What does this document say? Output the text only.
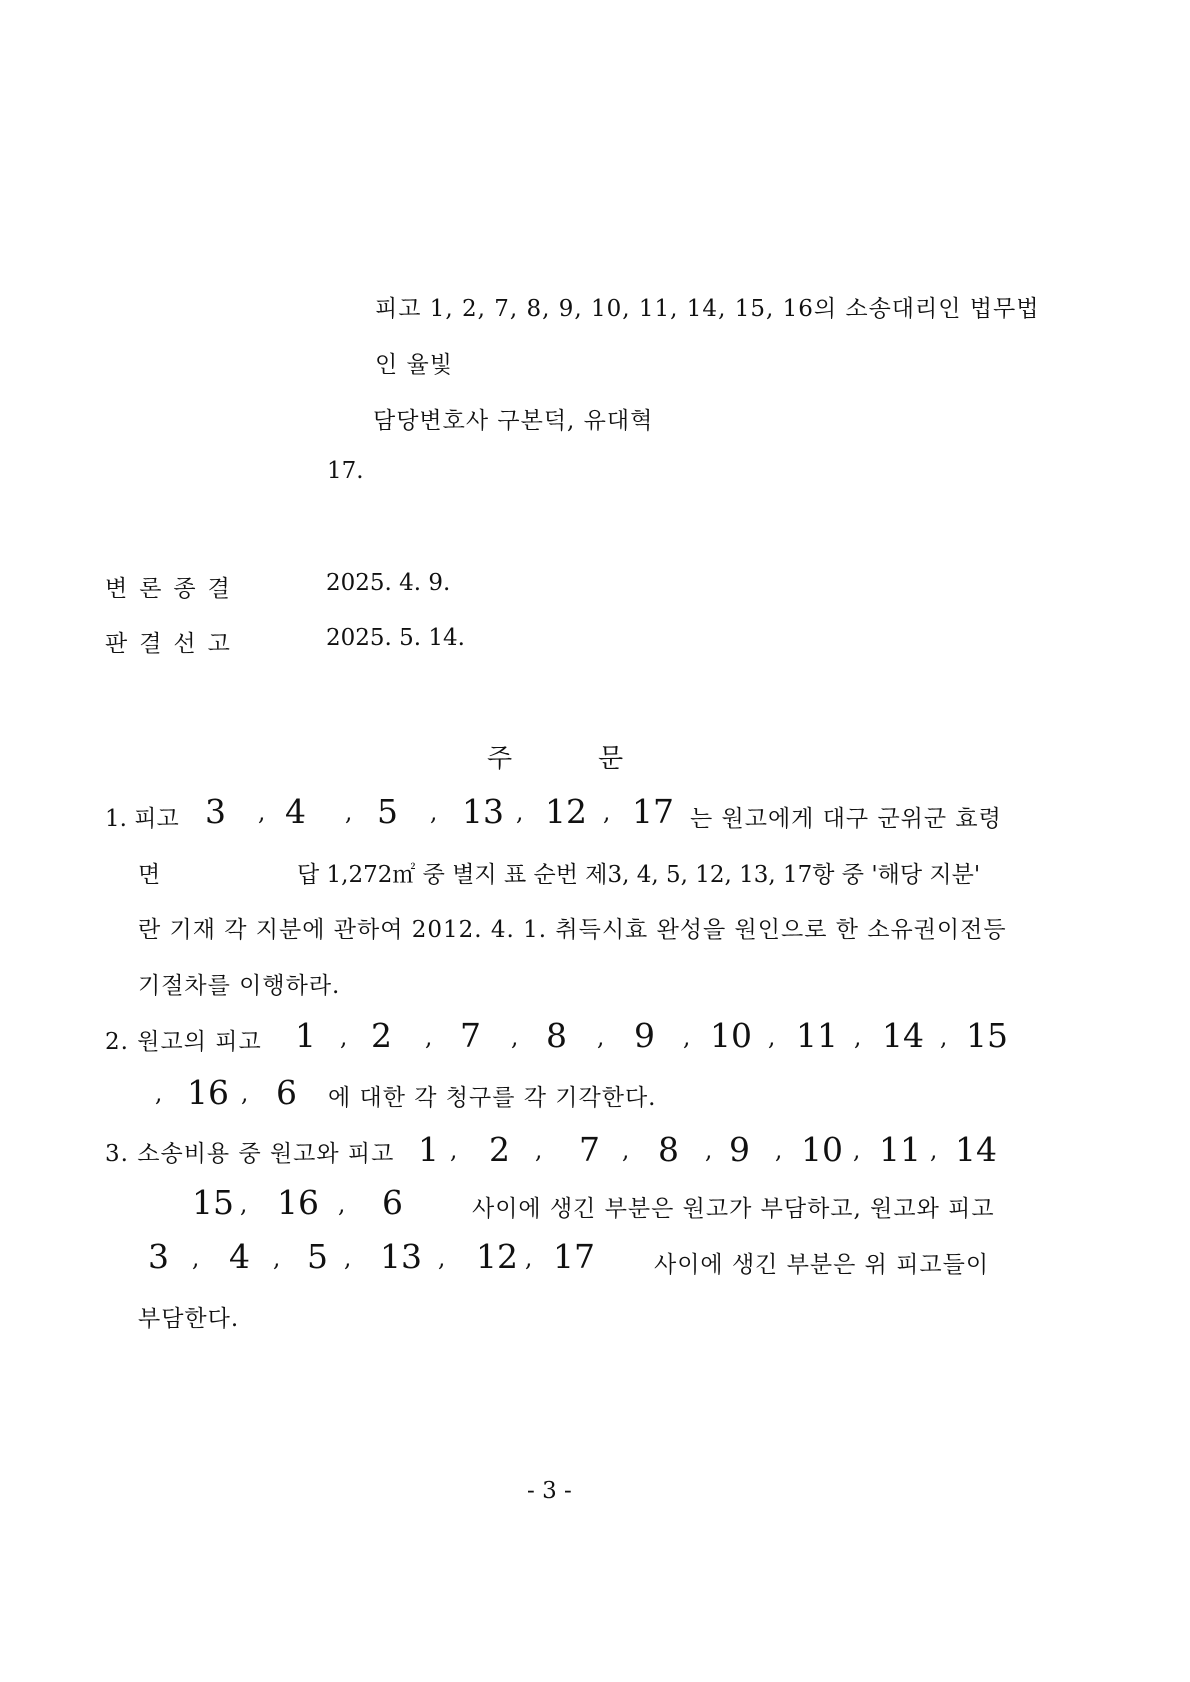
피고 1, 2, 7, 8, 9, 10, 11, 14, 15, 16의 소송대리인 법무법
인 율빛
담당변호사 구본덕, 유대혁
17.
변론종결	2025. 4. 9.
판결선고	2025. 5. 14.
주	문
1. 피고 3 , 4 , 5 , 13 , 12 , 17 는 원고에게 대구 군위군 효령
면	답 1,272㎡ 중 별지 표 순번 제3, 4, 5, 12, 13, 17항 중 '해당 지분'
란 기재 각 지분에 관하여 2012. 4. 1. 취득시효 완성을 원인으로 한 소유권이전등
기절차를 이행하라.
2. 원고의 피고 1 , 2 , 7 , 8 , 9 , 10 , 11 , 14 , 15
, 16 , 6 에 대한 각 청구를 각 기각한다.
3. 소송비용 중 원고와 피고 1 , 2 , 7 , 8 , 9 , 10 , 11 , 14
15 , 16 , 6	사이에 생긴 부분은 원고가 부담하고, 원고와 피고
3 , 4 , 5 , 13 , 12 , 17	사이에 생긴 부분은 위 피고들이
부담한다.
- 3 -
